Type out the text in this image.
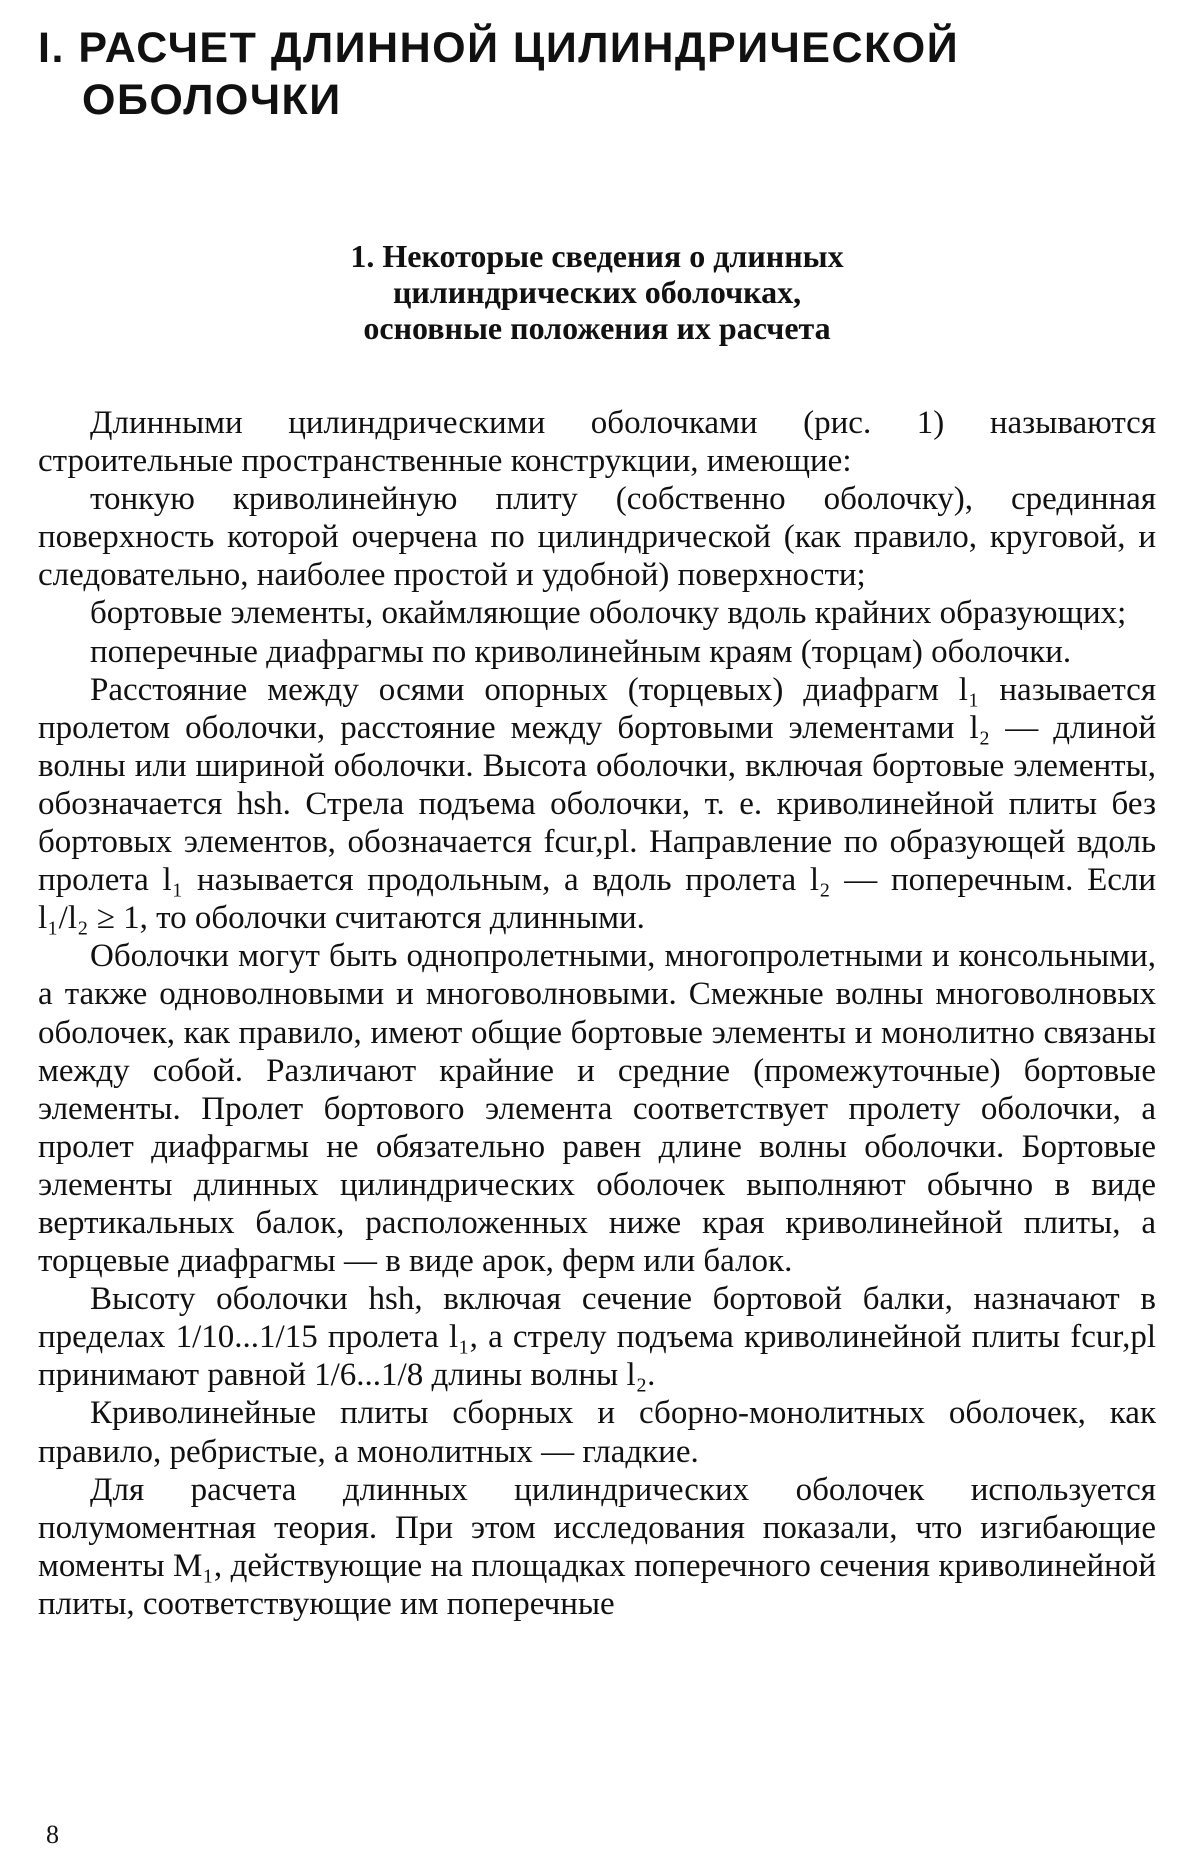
I. РАСЧЕТ ДЛИННОЙ ЦИЛИНДРИЧЕСКОЙ
ОБОЛОЧКИ
1. Некоторые сведения о длинных
цилиндрических оболочках,
основные положения их расчета

Длинными цилиндрическими оболочками (рис. 1) называются строительные пространственные конструкции, имеющие:

тонкую криволинейную плиту (собственно оболочку), срединная поверхность которой очерчена по цилиндрической (как правило, круговой, и следовательно, наиболее простой и удобной) поверхности;

бортовые элементы, окаймляющие оболочку вдоль крайних образующих;

поперечные диафрагмы по криволинейным краям (торцам) оболочки.

Расстояние между осями опорных (торцевых) диафрагм l₁ называется пролетом оболочки, расстояние между бортовыми элементами l₂ — длиной волны или шириной оболочки. Высота оболочки, включая бортовые элементы, обозначается hsh. Стрела подъема оболочки, т. е. криволинейной плиты без бортовых элементов, обозначается fcur,pl. Направление по образующей вдоль пролета l₁ называется продольным, а вдоль пролета l₂ — поперечным. Если l₁/l₂ ≥ 1, то оболочки считаются длинными.

Оболочки могут быть однопролетными, многопролетными и консольными, а также одноволновыми и многоволновыми. Смежные волны многоволновых оболочек, как правило, имеют общие бортовые элементы и монолитно связаны между собой. Различают крайние и средние (промежуточные) бортовые элементы. Пролет бортового элемента соответствует пролету оболочки, а пролет диафрагмы не обязательно равен длине волны оболочки. Бортовые элементы длинных цилиндрических оболочек выполняют обычно в виде вертикальных балок, расположенных ниже края криволинейной плиты, а торцевые диафрагмы — в виде арок, ферм или балок.

Высоту оболочки hsh, включая сечение бортовой балки, назначают в пределах 1/10...1/15 пролета l₁, а стрелу подъема криволинейной плиты fcur,pl принимают равной 1/6...1/8 длины волны l₂.

Криволинейные плиты сборных и сборно-монолитных оболочек, как правило, ребристые, а монолитных — гладкие.

Для расчета длинных цилиндрических оболочек используется полумоментная теория. При этом исследования показали, что изгибающие моменты M₁, действующие на площадках поперечного сечения криволинейной плиты, соответствующие им поперечные

8
